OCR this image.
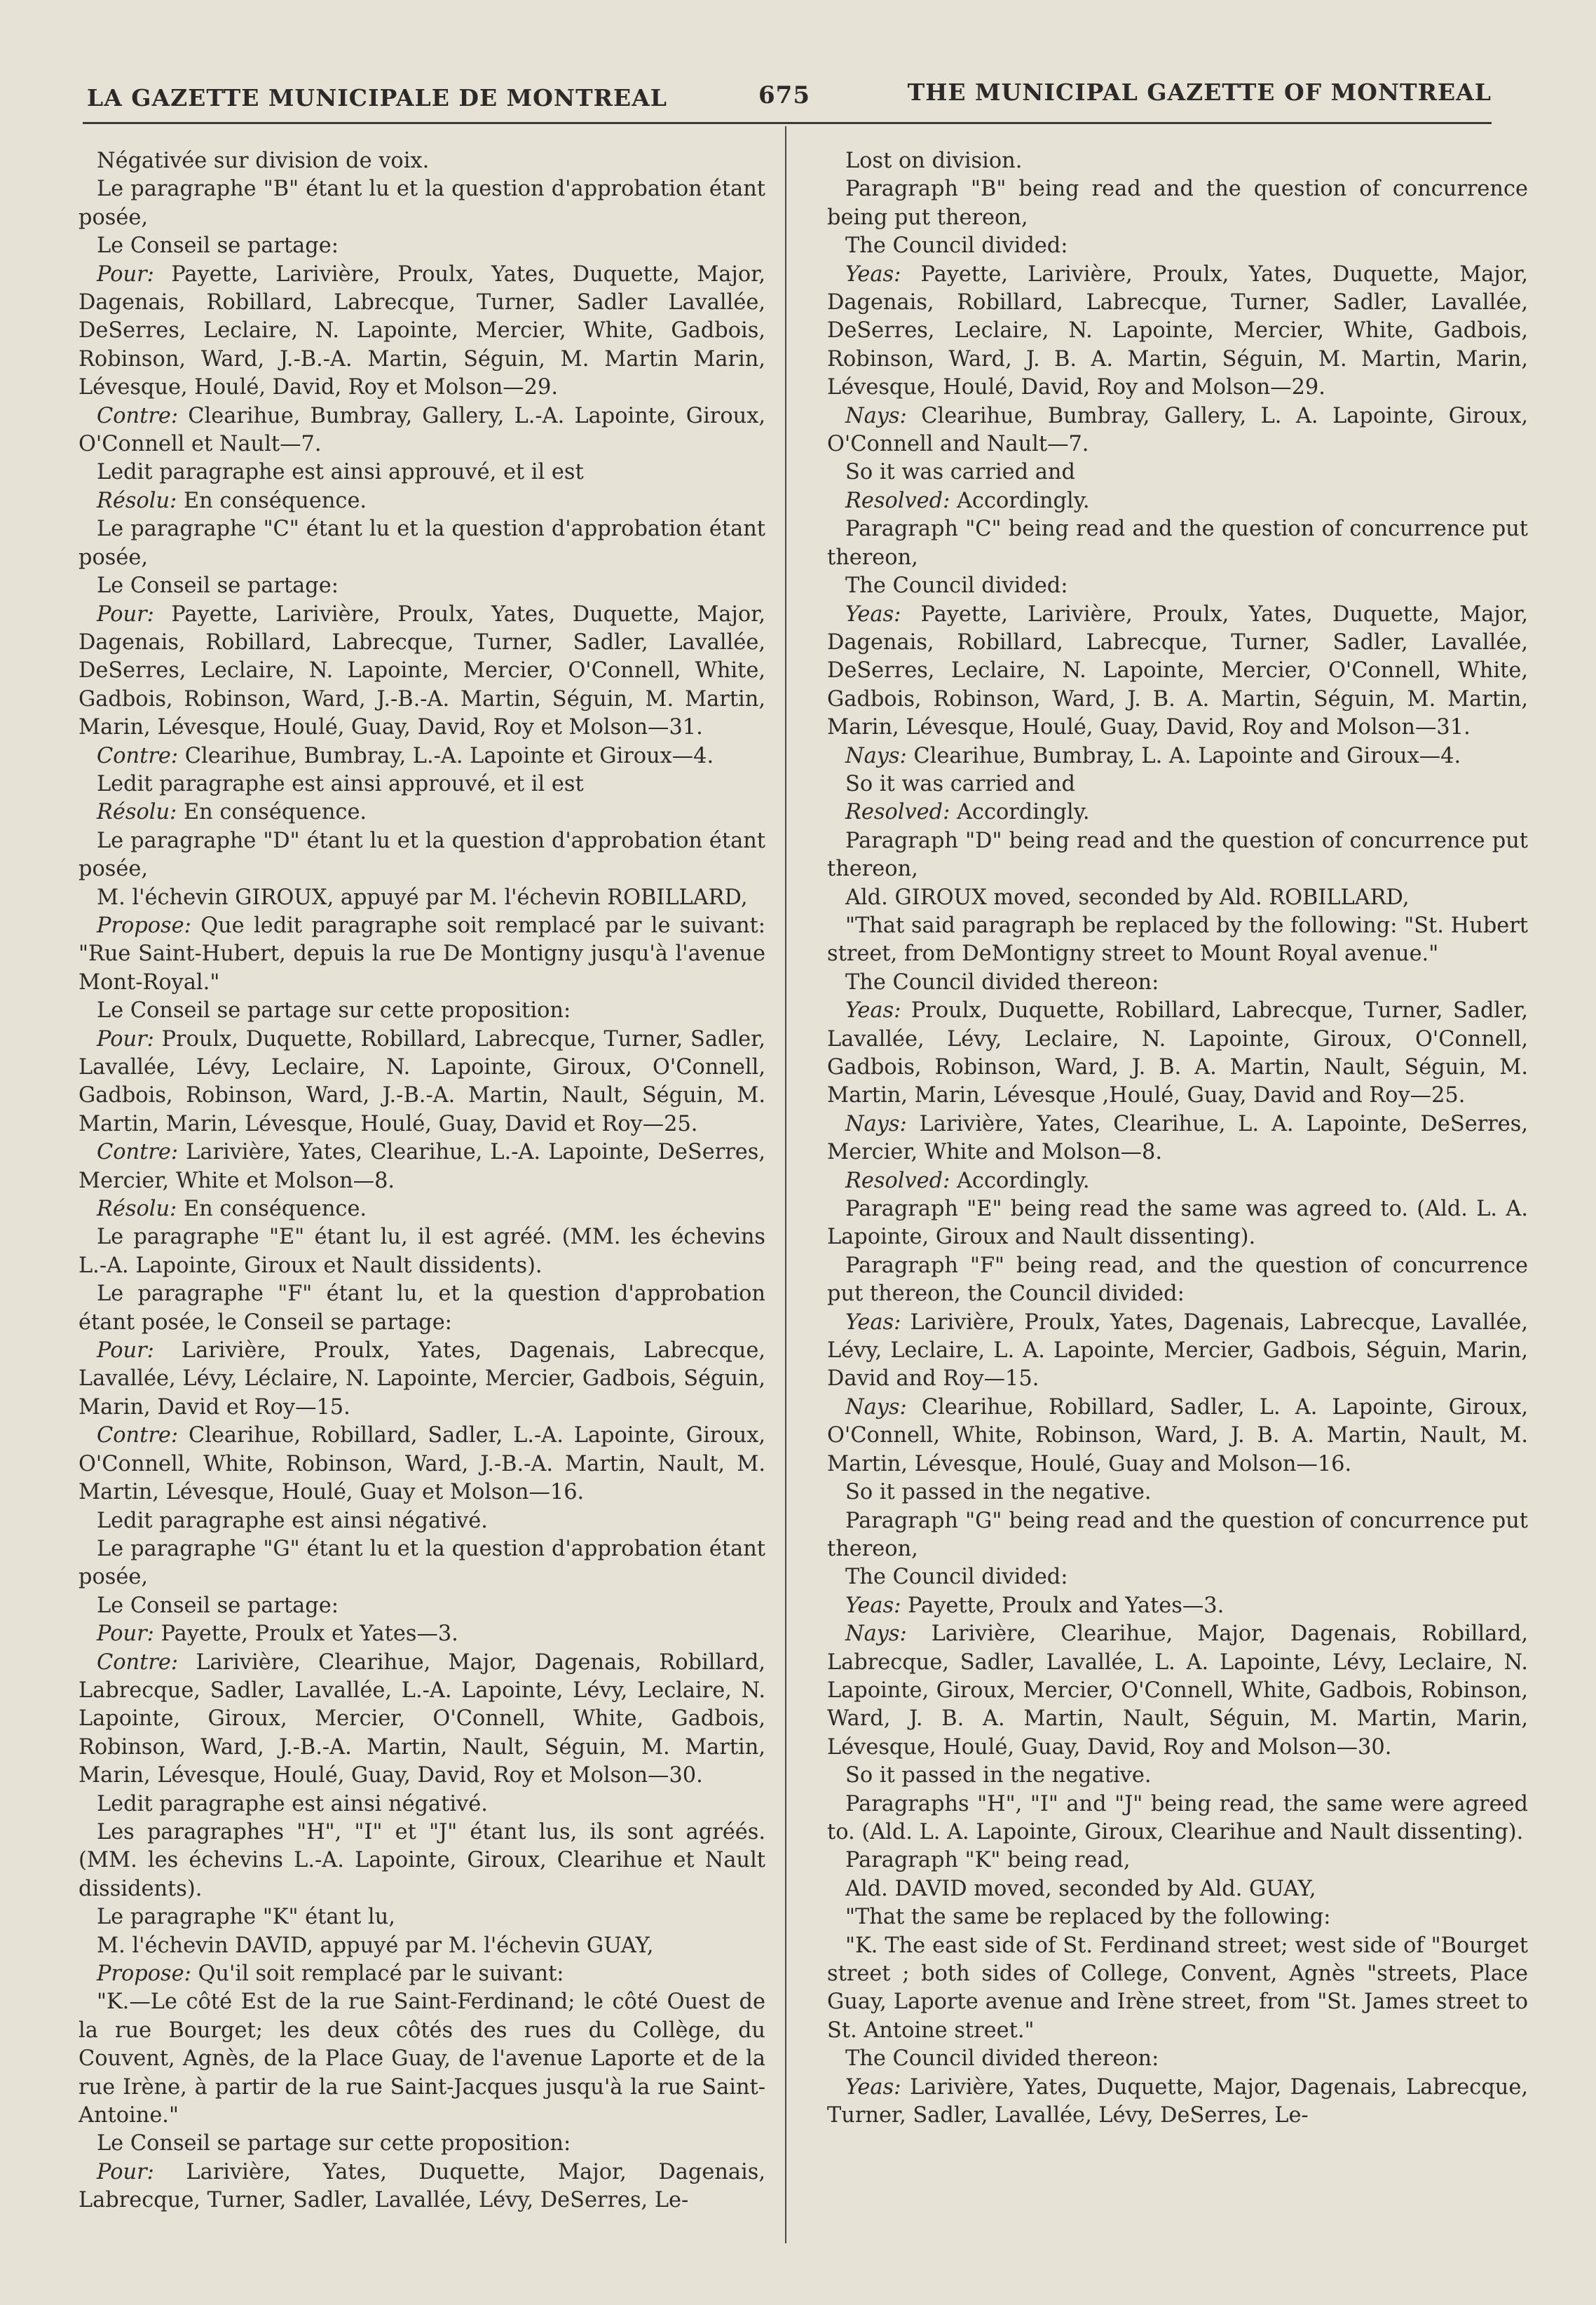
LA GAZETTE MUNICIPALE DE MONTREAL	675	THE MUNICIPAL GAZETTE OF MONTREAL

Négativée sur division de voix.

Le paragraphe "B" étant lu et la question d'approbation étant posée,

Le Conseil se partage:

Pour: Payette, Larivière, Proulx, Yates, Duquette, Major, Dagenais, Robillard, Labrecque, Turner, Sadler Lavallée, DeSerres, Leclaire, N. Lapointe, Mercier, White, Gadbois, Robinson, Ward, J.-B.-A. Martin, Séguin, M. Martin Marin, Lévesque, Houlé, David, Roy et Molson—29.

Contre: Clearihue, Bumbray, Gallery, L.-A. Lapointe, Giroux, O'Connell et Nault—7.

Ledit paragraphe est ainsi approuvé, et il est

Résolu: En conséquence.

Le paragraphe "C" étant lu et la question d'approbation étant posée,

Le Conseil se partage:

Pour: Payette, Larivière, Proulx, Yates, Duquette, Major, Dagenais, Robillard, Labrecque, Turner, Sadler, Lavallée, DeSerres, Leclaire, N. Lapointe, Mercier, O'Connell, White, Gadbois, Robinson, Ward, J.-B.-A. Martin, Séguin, M. Martin, Marin, Lévesque, Houlé, Guay, David, Roy et Molson—31.

Contre: Clearihue, Bumbray, L.-A. Lapointe et Giroux—4.

Ledit paragraphe est ainsi approuvé, et il est

Résolu: En conséquence.

Le paragraphe "D" étant lu et la question d'approbation étant posée,

M. l'échevin GIROUX, appuyé par M. l'échevin ROBILLARD,

Propose: Que ledit paragraphe soit remplacé par le suivant: "Rue Saint-Hubert, depuis la rue De Montigny jusqu'à l'avenue Mont-Royal."

Le Conseil se partage sur cette proposition:

Pour: Proulx, Duquette, Robillard, Labrecque, Turner, Sadler, Lavallée, Lévy, Leclaire, N. Lapointe, Giroux, O'Connell, Gadbois, Robinson, Ward, J.-B.-A. Martin, Nault, Séguin, M. Martin, Marin, Lévesque, Houlé, Guay, David et Roy—25.

Contre: Larivière, Yates, Clearihue, L.-A. Lapointe, DeSerres, Mercier, White et Molson—8.

Résolu: En conséquence.

Le paragraphe "E" étant lu, il est agréé. (MM. les échevins L.-A. Lapointe, Giroux et Nault dissidents).

Le paragraphe "F" étant lu, et la question d'approbation étant posée, le Conseil se partage:

Pour: Larivière, Proulx, Yates, Dagenais, Labrecque, Lavallée, Lévy, Léclaire, N. Lapointe, Mercier, Gadbois, Séguin, Marin, David et Roy—15.

Contre: Clearihue, Robillard, Sadler, L.-A. Lapointe, Giroux, O'Connell, White, Robinson, Ward, J.-B.-A. Martin, Nault, M. Martin, Lévesque, Houlé, Guay et Molson—16.

Ledit paragraphe est ainsi négativé.

Le paragraphe "G" étant lu et la question d'approbation étant posée,

Le Conseil se partage:

Pour: Payette, Proulx et Yates—3.

Contre: Larivière, Clearihue, Major, Dagenais, Robillard, Labrecque, Sadler, Lavallée, L.-A. Lapointe, Lévy, Leclaire, N. Lapointe, Giroux, Mercier, O'Connell, White, Gadbois, Robinson, Ward, J.-B.-A. Martin, Nault, Séguin, M. Martin, Marin, Lévesque, Houlé, Guay, David, Roy et Molson—30.

Ledit paragraphe est ainsi négativé.

Les paragraphes "H", "I" et "J" étant lus, ils sont agréés. (MM. les échevins L.-A. Lapointe, Giroux, Clearihue et Nault dissidents).

Le paragraphe "K" étant lu,

M. l'échevin DAVID, appuyé par M. l'échevin GUAY,

Propose: Qu'il soit remplacé par le suivant:

"K.—Le côté Est de la rue Saint-Ferdinand; le côté Ouest de la rue Bourget; les deux côtés des rues du Collège, du Couvent, Agnès, de la Place Guay, de l'avenue Laporte et de la rue Irène, à partir de la rue Saint-Jacques jusqu'à la rue Saint-Antoine."

Le Conseil se partage sur cette proposition:

Pour: Larivière, Yates, Duquette, Major, Dagenais, Labrecque, Turner, Sadler, Lavallée, Lévy, DeSerres, Le-

Lost on division.

Paragraph "B" being read and the question of concurrence being put thereon,

The Council divided:

Yeas: Payette, Larivière, Proulx, Yates, Duquette, Major, Dagenais, Robillard, Labrecque, Turner, Sadler, Lavallée, DeSerres, Leclaire, N. Lapointe, Mercier, White, Gadbois, Robinson, Ward, J. B. A. Martin, Séguin, M. Martin, Marin, Lévesque, Houlé, David, Roy and Molson—29.

Nays: Clearihue, Bumbray, Gallery, L. A. Lapointe, Giroux, O'Connell and Nault—7.

So it was carried and

Resolved: Accordingly.

Paragraph "C" being read and the question of concurrence put thereon,

The Council divided:

Yeas: Payette, Larivière, Proulx, Yates, Duquette, Major, Dagenais, Robillard, Labrecque, Turner, Sadler, Lavallée, DeSerres, Leclaire, N. Lapointe, Mercier, O'Connell, White, Gadbois, Robinson, Ward, J. B. A. Martin, Séguin, M. Martin, Marin, Lévesque, Houlé, Guay, David, Roy and Molson—31.

Nays: Clearihue, Bumbray, L. A. Lapointe and Giroux—4.

So it was carried and

Resolved: Accordingly.

Paragraph "D" being read and the question of concurrence put thereon,

Ald. GIROUX moved, seconded by Ald. ROBILLARD,

"That said paragraph be replaced by the following: "St. Hubert street, from DeMontigny street to Mount Royal avenue."

The Council divided thereon:

Yeas: Proulx, Duquette, Robillard, Labrecque, Turner, Sadler, Lavallée, Lévy, Leclaire, N. Lapointe, Giroux, O'Connell, Gadbois, Robinson, Ward, J. B. A. Martin, Nault, Séguin, M. Martin, Marin, Lévesque ,Houlé, Guay, David and Roy—25.

Nays: Larivière, Yates, Clearihue, L. A. Lapointe, DeSerres, Mercier, White and Molson—8.

Resolved: Accordingly.

Paragraph "E" being read the same was agreed to. (Ald. L. A. Lapointe, Giroux and Nault dissenting).

Paragraph "F" being read, and the question of concurrence put thereon, the Council divided:

Yeas: Larivière, Proulx, Yates, Dagenais, Labrecque, Lavallée, Lévy, Leclaire, L. A. Lapointe, Mercier, Gadbois, Séguin, Marin, David and Roy—15.

Nays: Clearihue, Robillard, Sadler, L. A. Lapointe, Giroux, O'Connell, White, Robinson, Ward, J. B. A. Martin, Nault, M. Martin, Lévesque, Houlé, Guay and Molson—16.

So it passed in the negative.

Paragraph "G" being read and the question of concurrence put thereon,

The Council divided:

Yeas: Payette, Proulx and Yates—3.

Nays: Larivière, Clearihue, Major, Dagenais, Robillard, Labrecque, Sadler, Lavallée, L. A. Lapointe, Lévy, Leclaire, N. Lapointe, Giroux, Mercier, O'Connell, White, Gadbois, Robinson, Ward, J. B. A. Martin, Nault, Séguin, M. Martin, Marin, Lévesque, Houlé, Guay, David, Roy and Molson—30.

So it passed in the negative.

Paragraphs "H", "I" and "J" being read, the same were agreed to. (Ald. L. A. Lapointe, Giroux, Clearihue and Nault dissenting).

Paragraph "K" being read,

Ald. DAVID moved, seconded by Ald. GUAY,

"That the same be replaced by the following:

"K. The east side of St. Ferdinand street; west side of "Bourget street ; both sides of College, Convent, Agnès "streets, Place Guay, Laporte avenue and Irène street, from "St. James street to St. Antoine street."

The Council divided thereon:

Yeas: Larivière, Yates, Duquette, Major, Dagenais, Labrecque, Turner, Sadler, Lavallée, Lévy, DeSerres, Le-
